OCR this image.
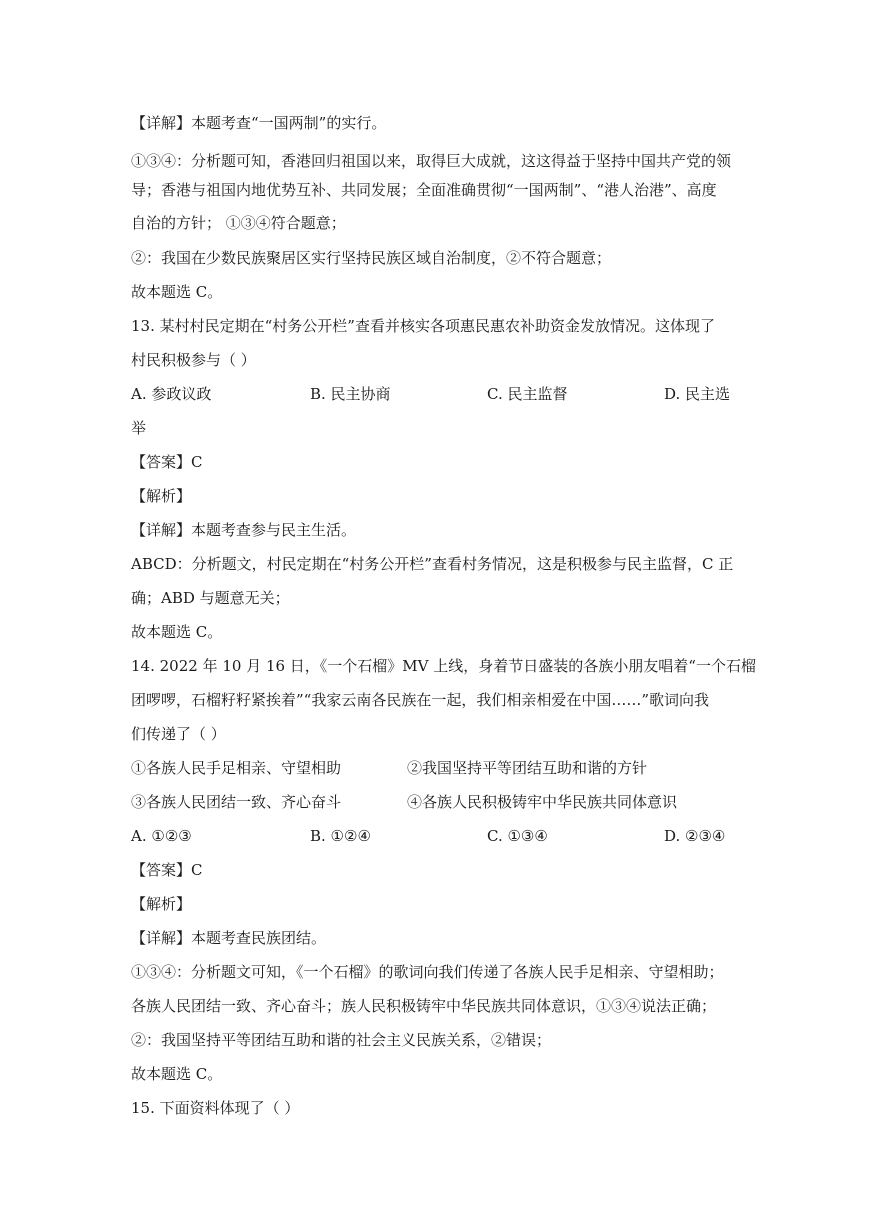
【详解】本题考查“一国两制”的实行。
①③④：分析题可知，香港回归祖国以来，取得巨大成就，这这得益于坚持中国共产党的领
导；香港与祖国内地优势互补、共同发展；全面准确贯彻“一国两制”、“港人治港”、高度
自治的方针； ①③④符合题意；
②：我国在少数民族聚居区实行坚持民族区域自治制度，②不符合题意；
故本题选 C。
13. 某村村民定期在“村务公开栏”查看并核实各项惠民惠农补助资金发放情况。这体现了
村民积极参与（ ）
A. 参政议政	B. 民主协商	C. 民主监督	D. 民主选
举
【答案】C
【解析】
【详解】本题考查参与民主生活。
ABCD：分析题文，村民定期在“村务公开栏”查看村务情况，这是积极参与民主监督，C 正
确；ABD 与题意无关；
故本题选 C。
14. 2022 年 10 月 16 日，《一个石榴》MV 上线，身着节日盛装的各族小朋友唱着“一个石榴
团啰啰，石榴籽籽紧挨着”“我家云南各民族在一起，我们相亲相爱在中国……”歌词向我
们传递了（ ）
①各族人民手足相亲、守望相助	②我国坚持平等团结互助和谐的方针
③各族人民团结一致、齐心奋斗	④各族人民积极铸牢中华民族共同体意识
A. ①②③	B. ①②④	C. ①③④	D. ②③④
【答案】C
【解析】
【详解】本题考查民族团结。
①③④：分析题文可知，《一个石榴》的歌词向我们传递了各族人民手足相亲、守望相助；
各族人民团结一致、齐心奋斗；族人民积极铸牢中华民族共同体意识，①③④说法正确；
②：我国坚持平等团结互助和谐的社会主义民族关系，②错误；
故本题选 C。
15. 下面资料体现了（ ）
